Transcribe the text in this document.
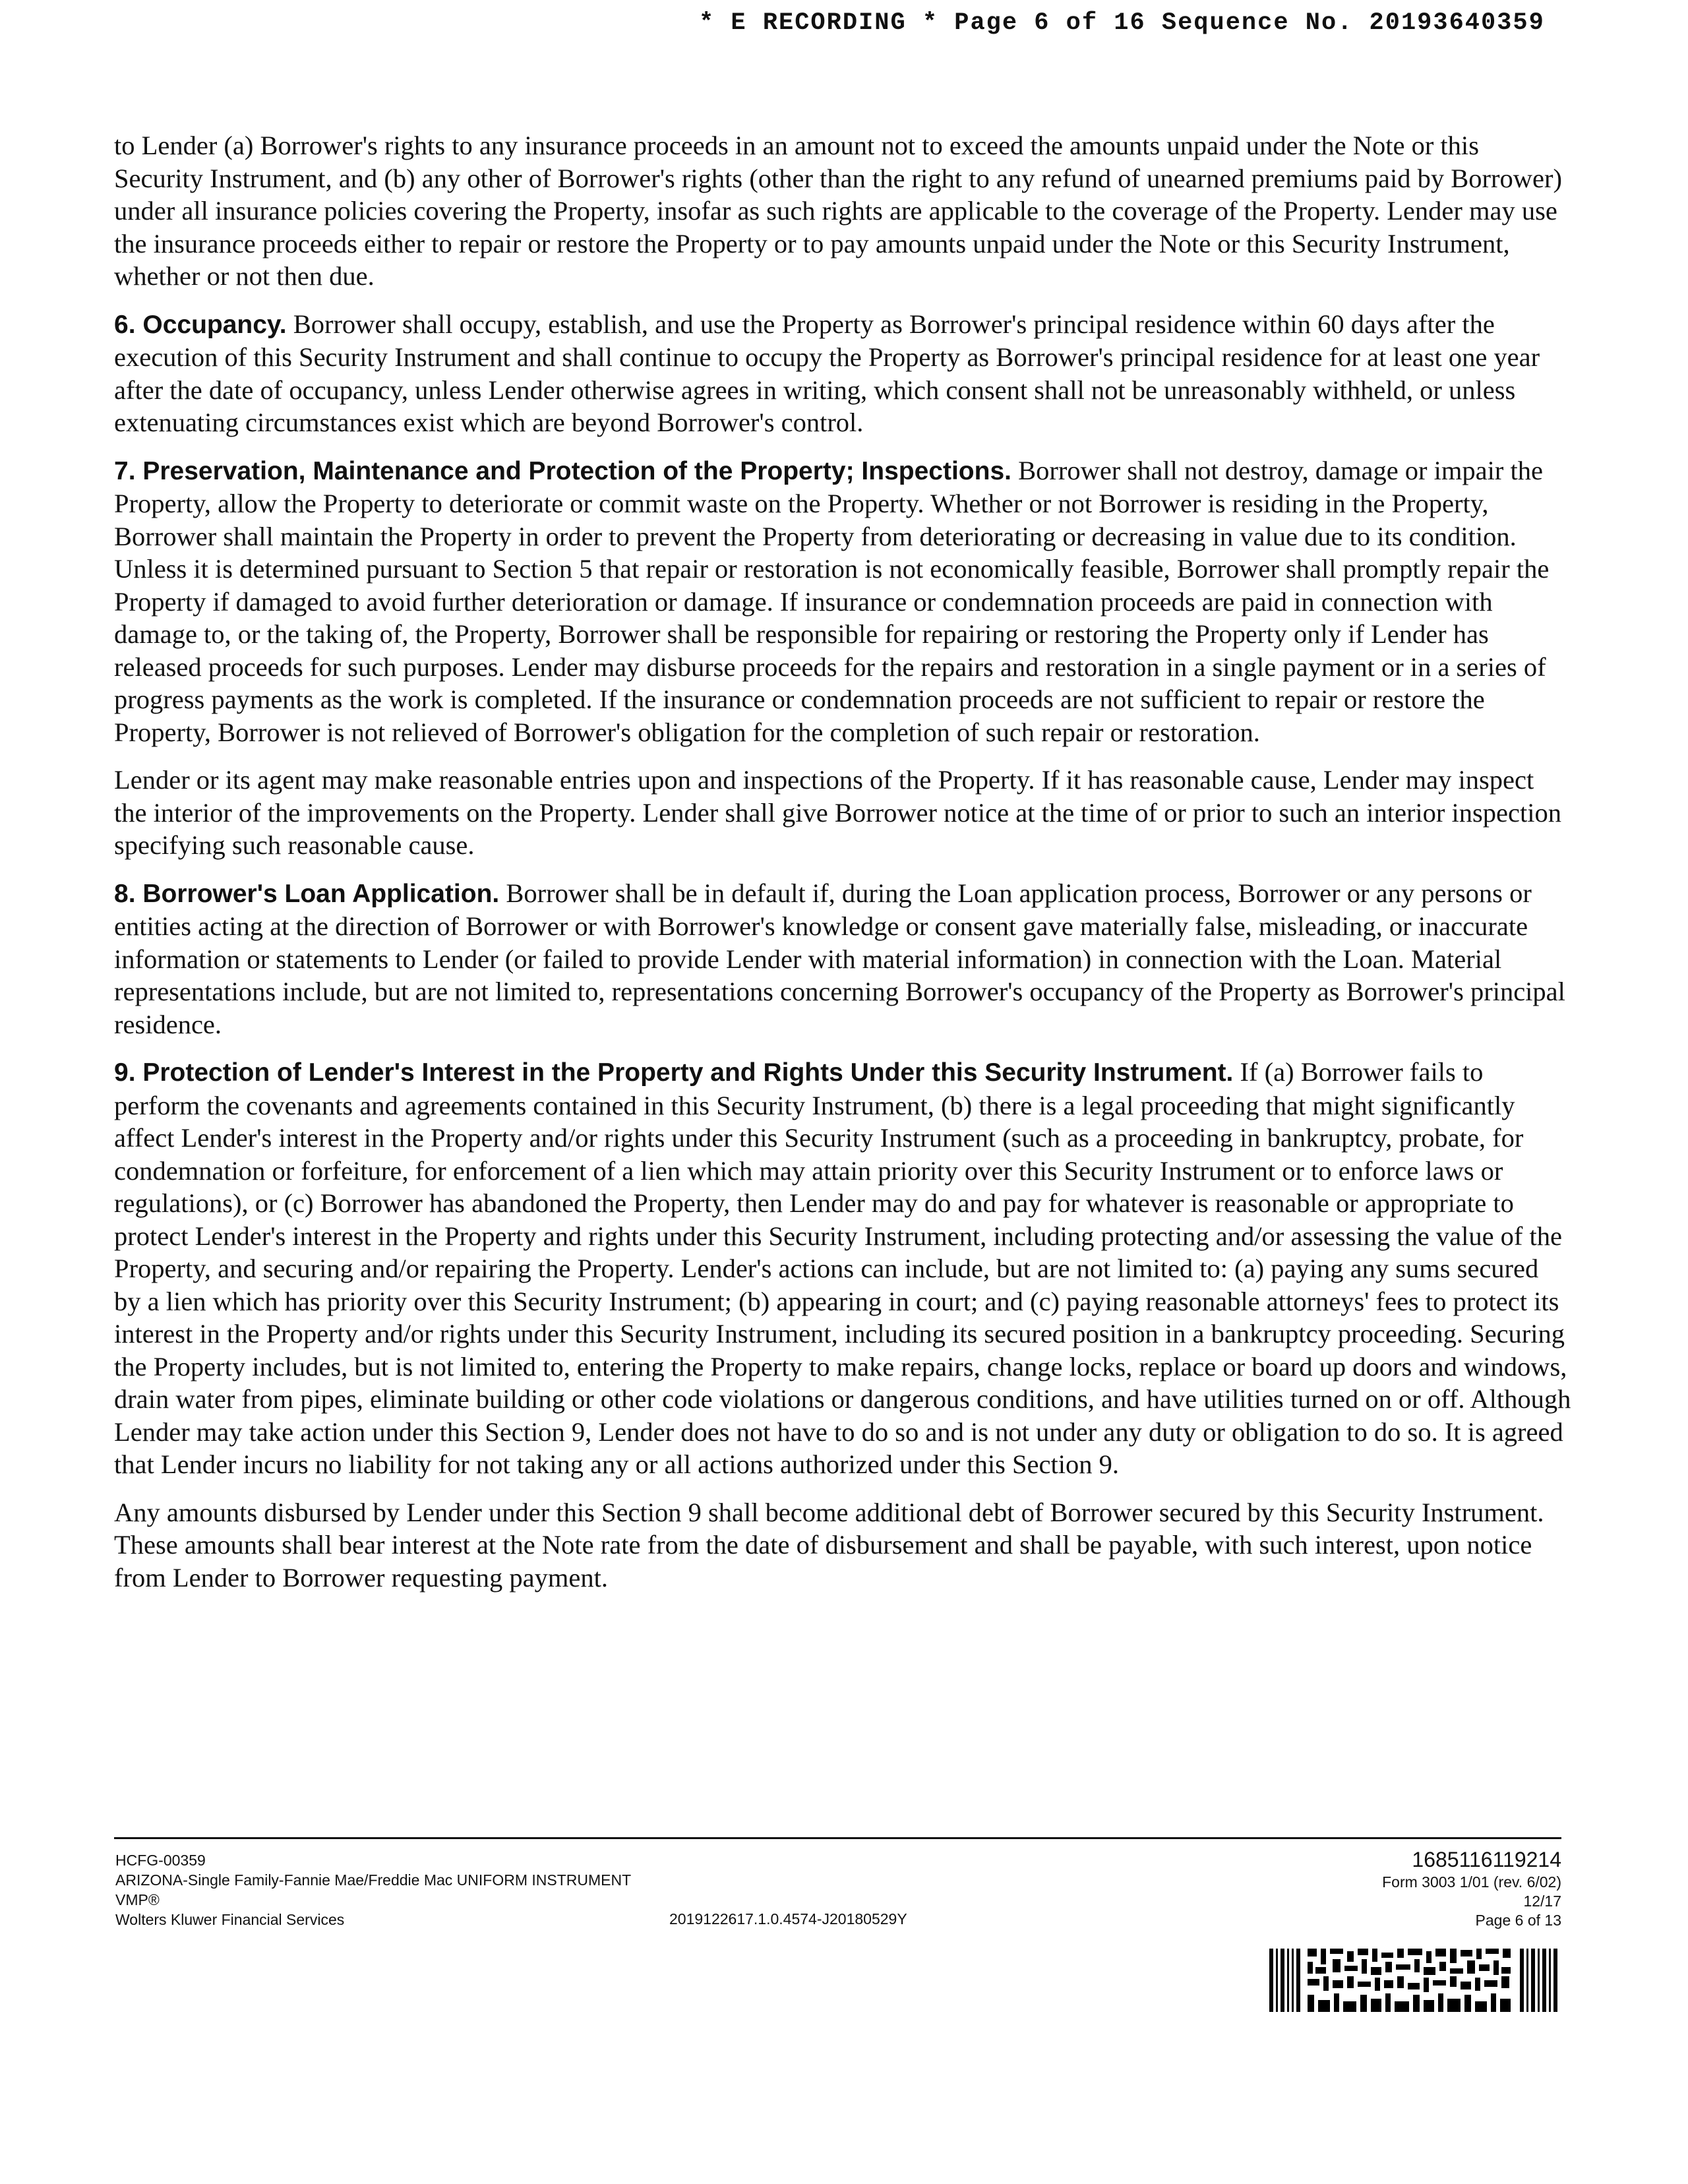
* E RECORDING * Page 6 of 16 Sequence No. 20193640359

to Lender (a) Borrower's rights to any insurance proceeds in an amount not to exceed the amounts unpaid under the Note or this Security Instrument, and (b) any other of Borrower's rights (other than the right to any refund of unearned premiums paid by Borrower) under all insurance policies covering the Property, insofar as such rights are applicable to the coverage of the Property. Lender may use the insurance proceeds either to repair or restore the Property or to pay amounts unpaid under the Note or this Security Instrument, whether or not then due.

6. Occupancy. Borrower shall occupy, establish, and use the Property as Borrower's principal residence within 60 days after the execution of this Security Instrument and shall continue to occupy the Property as Borrower's principal residence for at least one year after the date of occupancy, unless Lender otherwise agrees in writing, which consent shall not be unreasonably withheld, or unless extenuating circumstances exist which are beyond Borrower's control.

7. Preservation, Maintenance and Protection of the Property; Inspections. Borrower shall not destroy, damage or impair the Property, allow the Property to deteriorate or commit waste on the Property. Whether or not Borrower is residing in the Property, Borrower shall maintain the Property in order to prevent the Property from deteriorating or decreasing in value due to its condition. Unless it is determined pursuant to Section 5 that repair or restoration is not economically feasible, Borrower shall promptly repair the Property if damaged to avoid further deterioration or damage. If insurance or condemnation proceeds are paid in connection with damage to, or the taking of, the Property, Borrower shall be responsible for repairing or restoring the Property only if Lender has released proceeds for such purposes. Lender may disburse proceeds for the repairs and restoration in a single payment or in a series of progress payments as the work is completed. If the insurance or condemnation proceeds are not sufficient to repair or restore the Property, Borrower is not relieved of Borrower's obligation for the completion of such repair or restoration.

Lender or its agent may make reasonable entries upon and inspections of the Property. If it has reasonable cause, Lender may inspect the interior of the improvements on the Property. Lender shall give Borrower notice at the time of or prior to such an interior inspection specifying such reasonable cause.

8. Borrower's Loan Application. Borrower shall be in default if, during the Loan application process, Borrower or any persons or entities acting at the direction of Borrower or with Borrower's knowledge or consent gave materially false, misleading, or inaccurate information or statements to Lender (or failed to provide Lender with material information) in connection with the Loan. Material representations include, but are not limited to, representations concerning Borrower's occupancy of the Property as Borrower's principal residence.

9. Protection of Lender's Interest in the Property and Rights Under this Security Instrument. If (a) Borrower fails to perform the covenants and agreements contained in this Security Instrument, (b) there is a legal proceeding that might significantly affect Lender's interest in the Property and/or rights under this Security Instrument (such as a proceeding in bankruptcy, probate, for condemnation or forfeiture, for enforcement of a lien which may attain priority over this Security Instrument or to enforce laws or regulations), or (c) Borrower has abandoned the Property, then Lender may do and pay for whatever is reasonable or appropriate to protect Lender's interest in the Property and rights under this Security Instrument, including protecting and/or assessing the value of the Property, and securing and/or repairing the Property. Lender's actions can include, but are not limited to: (a) paying any sums secured by a lien which has priority over this Security Instrument; (b) appearing in court; and (c) paying reasonable attorneys' fees to protect its interest in the Property and/or rights under this Security Instrument, including its secured position in a bankruptcy proceeding. Securing the Property includes, but is not limited to, entering the Property to make repairs, change locks, replace or board up doors and windows, drain water from pipes, eliminate building or other code violations or dangerous conditions, and have utilities turned on or off. Although Lender may take action under this Section 9, Lender does not have to do so and is not under any duty or obligation to do so. It is agreed that Lender incurs no liability for not taking any or all actions authorized under this Section 9.

Any amounts disbursed by Lender under this Section 9 shall become additional debt of Borrower secured by this Security Instrument. These amounts shall bear interest at the Note rate from the date of disbursement and shall be payable, with such interest, upon notice from Lender to Borrower requesting payment.

HCFG-00359
ARIZONA-Single Family-Fannie Mae/Freddie Mac UNIFORM INSTRUMENT
VMP®
Wolters Kluwer Financial Services	2019122617.1.0.4574-J20180529Y
1685116119214
Form 3003 1/01 (rev. 6/02)
12/17
Page 6 of 13
